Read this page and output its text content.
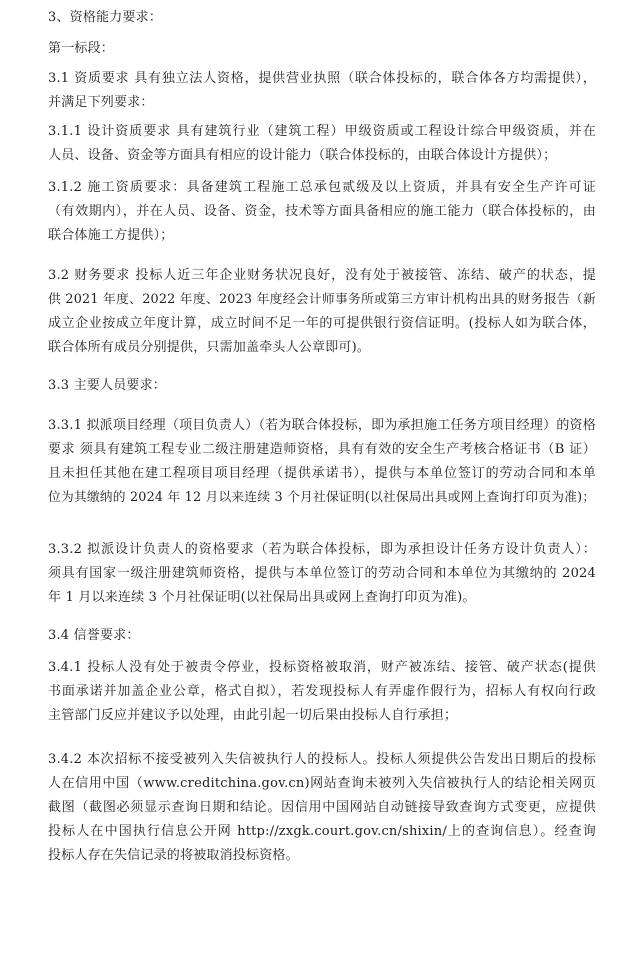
3、资格能力要求：
第一标段：
3.1 资质要求 具有独立法人资格，提供营业执照（联合体投标的，联合体各方均需提供），
并满足下列要求：
3.1.1 设计资质要求 具有建筑行业（建筑工程）甲级资质或工程设计综合甲级资质，并在
人员、设备、资金等方面具有相应的设计能力（联合体投标的，由联合体设计方提供）；
3.1.2 施工资质要求：具备建筑工程施工总承包贰级及以上资质，并具有安全生产许可证
（有效期内），并在人员、设备、资金，技术等方面具备相应的施工能力（联合体投标的，由
联合体施工方提供）；
3.2 财务要求 投标人近三年企业财务状况良好，没有处于被接管、冻结、破产的状态，提
供 2021 年度、2022 年度、2023 年度经会计师事务所或第三方审计机构出具的财务报告（新
成立企业按成立年度计算，成立时间不足一年的可提供银行资信证明。(投标人如为联合体，
联合体所有成员分别提供，只需加盖牵头人公章即可)。
3.3 主要人员要求：
3.3.1 拟派项目经理（项目负责人）（若为联合体投标，即为承担施工任务方项目经理）的资格
要求 须具有建筑工程专业二级注册建造师资格，具有有效的安全生产考核合格证书（B 证）
且未担任其他在建工程项目项目经理（提供承诺书），提供与本单位签订的劳动合同和本单
位为其缴纳的 2024 年 12 月以来连续 3 个月社保证明(以社保局出具或网上查询打印页为准)；
3.3.2 拟派设计负责人的资格要求（若为联合体投标，即为承担设计任务方设计负责人）：
须具有国家一级注册建筑师资格，提供与本单位签订的劳动合同和本单位为其缴纳的 2024
年 1 月以来连续 3 个月社保证明(以社保局出具或网上查询打印页为准)。
3.4 信誉要求：
3.4.1 投标人没有处于被责令停业，投标资格被取消，财产被冻结、接管、破产状态(提供
书面承诺并加盖企业公章，格式自拟），若发现投标人有弄虚作假行为，招标人有权向行政
主管部门反应并建议予以处理，由此引起一切后果由投标人自行承担；
3.4.2 本次招标不接受被列入失信被执行人的投标人。投标人须提供公告发出日期后的投标
人在信用中国（www.creditchina.gov.cn)网站查询未被列入失信被执行人的结论相关网页
截图（截图必须显示查询日期和结论。因信用中国网站自动链接导致查询方式变更，应提供
投标人在中国执行信息公开网 http://zxgk.court.gov.cn/shixin/上的查询信息）。经查询
投标人存在失信记录的将被取消投标资格。
